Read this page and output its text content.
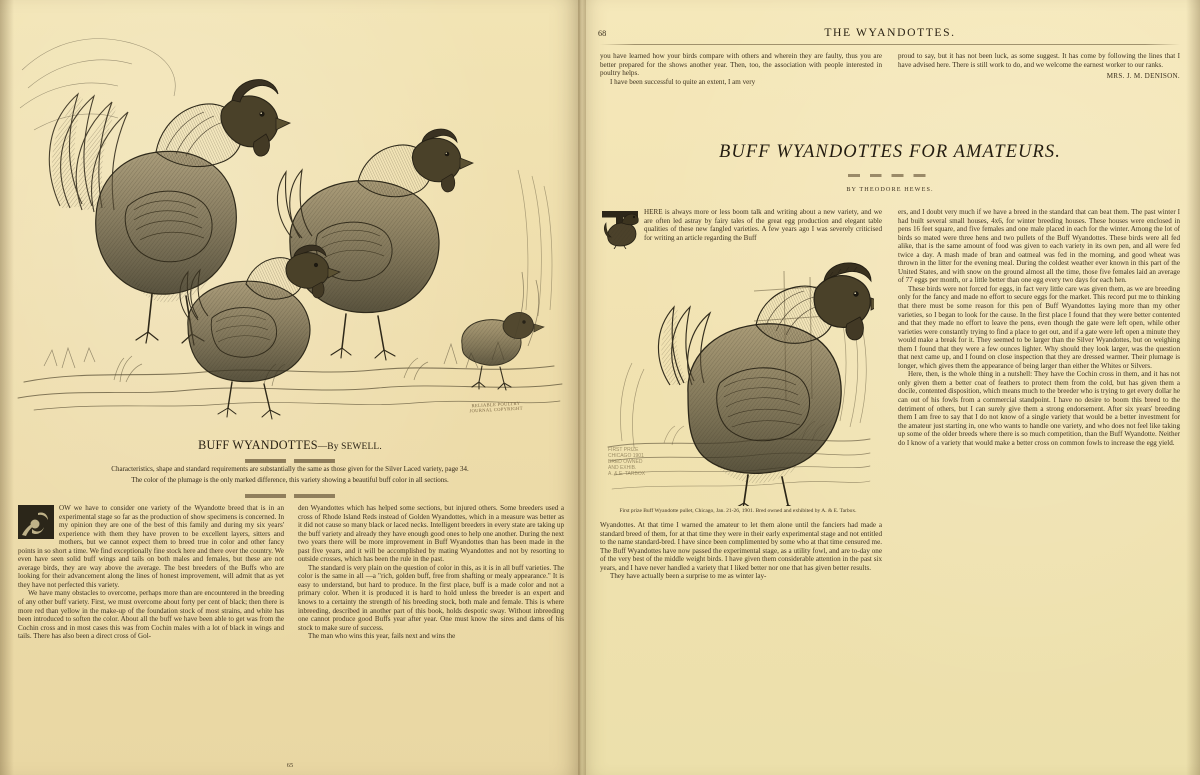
RELIABLE POULTRY JOURNAL COPYRIGHT
BUFF WYANDOTTES—By SEWELL.
Characteristics, shape and standard requirements are substantially the same as those given for the Silver Laced variety, page 34.
The color of the plumage is the only marked difference, this variety showing a beautiful buff color in all sections.

OW we have to consider one variety of the Wyandotte breed that is in an experimental stage so far as the production of show specimens is concerned. In my opinion they are one of the best of this family and during my six years' experience with them they have proven to be excellent layers, sitters and mothers, but we cannot expect them to breed true in color and other fancy points in so short a time. We find exceptionally fine stock here and there over the country. We even have seen solid buff wings and tails on both males and females, but these are not average birds, they are way above the average. The best breeders of the Buffs who are looking for their advancement along the lines of honest improvement, will admit that as yet they have not perfected this variety.

We have many obstacles to overcome, perhaps more than are encountered in the breeding of any other buff variety. First, we must overcome about forty per cent of black; then there is more red than yellow in the make-up of the foundation stock of most strains, and white has been introduced to soften the color. About all the buff we have been able to get was from the Cochin cross and in most cases this was from Cochin males with a lot of black in wings and tails. There has also been a direct cross of Gol-

den Wyandottes which has helped some sections, but injured others. Some breeders used a cross of Rhode Island Reds instead of Golden Wyandottes, which in a measure was better as it did not cause so many black or laced necks. Intelligent breeders in every state are taking up the buff variety and already they have enough good ones to help one another. During the next two years there will be more improvement in Buff Wyandottes than has been made in the past five years, and it will be accomplished by mating Wyandottes and not by resorting to outside crosses, which has been the rule in the past.

The standard is very plain on the question of color in this, as it is in all buff varieties. The color is the same in all —a "rich, golden buff, free from shafting or mealy appearance." It is easy to understand, but hard to produce. In the first place, buff is a made color and not a primary color. When it is produced it is hard to hold unless the breeder is an expert and knows to a certainty the strength of his breeding stock, both male and female. This is where inbreeding, described in another part of this book, holds despotic sway. Without inbreeding one cannot produce good Buffs year after year. One must know the sires and dams of his stock to make sure of success.

The man who wins this year, fails next and wins the

65
68	THE WYANDOTTES.

you have learned how your birds compare with others and wherein they are faulty, thus you are better prepared for the shows another year. Then, too, the association with people interested in poultry helps.

I have been successful to quite an extent, I am very

proud to say, but it has not been luck, as some suggest. It has come by following the lines that I have advised here. There is still work to do, and we welcome the earnest worker to our ranks.

MRS. J. M. DENISON.

BUFF WYANDOTTES FOR AMATEURS.
BY THEODORE HEWES.

HERE is always more or less boom talk and writing about a new variety, and we are often led astray by fairy tales of the great egg production and elegant table qualities of these new fangled varieties. A few years ago I was severely criticised for writing an article regarding the Buff

FIRST PRIZE
CHICAGO 1901
BRED OWNED
AND EXHIB.
A. & E. TARBOX
First prize Buff Wyandotte pullet, Chicago, Jan. 21-26, 1901. Bred owned and exhibited by A. & E. Tarbox.

Wyandottes. At that time I warned the amateur to let them alone until the fanciers had made a standard breed of them, for at that time they were in their early experimental stage and not entitled to the name standard-bred. I have since been complimented by some who at that time censured me. The Buff Wyandottes have now passed the experimental stage, as a utility fowl, and are to-day one of the very best of the middle weight birds. I have given them considerable attention in the past six years, and I have never handled a variety that I liked better nor one that has given better results.

They have actually been a surprise to me as winter lay-

ers, and I doubt very much if we have a breed in the standard that can beat them. The past winter I had built several small houses, 4x6, for winter breeding houses. These houses were enclosed in pens 16 feet square, and five females and one male placed in each for the winter. Among the lot of birds so mated were three hens and two pullets of the Buff Wyandottes. These birds were all fed alike, that is the same amount of food was given to each variety in its own pen, and all were fed twice a day. A mash made of bran and oatmeal was fed in the morning, and good wheat was thrown in the litter for the evening meal. During the coldest weather ever known in this part of the United States, and with snow on the ground almost all the time, those five females laid an average of 77 eggs per month, or a little better than one egg every two days for each hen.

These birds were not forced for eggs, in fact very little care was given them, as we are breeding only for the fancy and made no effort to secure eggs for the market. This record put me to thinking that there must be some reason for this pen of Buff Wyandottes laying more than my other varieties, so I began to look for the cause. In the first place I found that they were better contented and that they made no effort to leave the pens, even though the gate were left open, while other varieties were constantly trying to find a place to get out, and if a gate were left open a minute they would make a break for it. They seemed to be larger than the Silver Wyandottes, but on weighing them I found that they were a few ounces lighter. Why should they look larger, was the question that next came up, and I found on close inspection that they are dressed warmer. Their plumage is longer, which gives them the appearance of being larger than either the Whites or Silvers.

Here, then, is the whole thing in a nutshell: They have the Cochin cross in them, and it has not only given them a better coat of feathers to protect them from the cold, but has given them a docile, contented disposition, which means much to the breeder who is trying to get every dollar he can out of his fowls from a commercial standpoint. I have no desire to boom this breed to the detriment of others, but I can surely give them a strong endorsement. After six years' breeding them I am free to say that I do not know of a single variety that would be a better investment for the amateur just starting in, one who wants to handle one variety, and who does not feel like taking up some of the older breeds where there is so much competition, than the Buff Wyandotte. Neither do I know of a variety that would make a better cross on common fowls to increase the egg yield.
